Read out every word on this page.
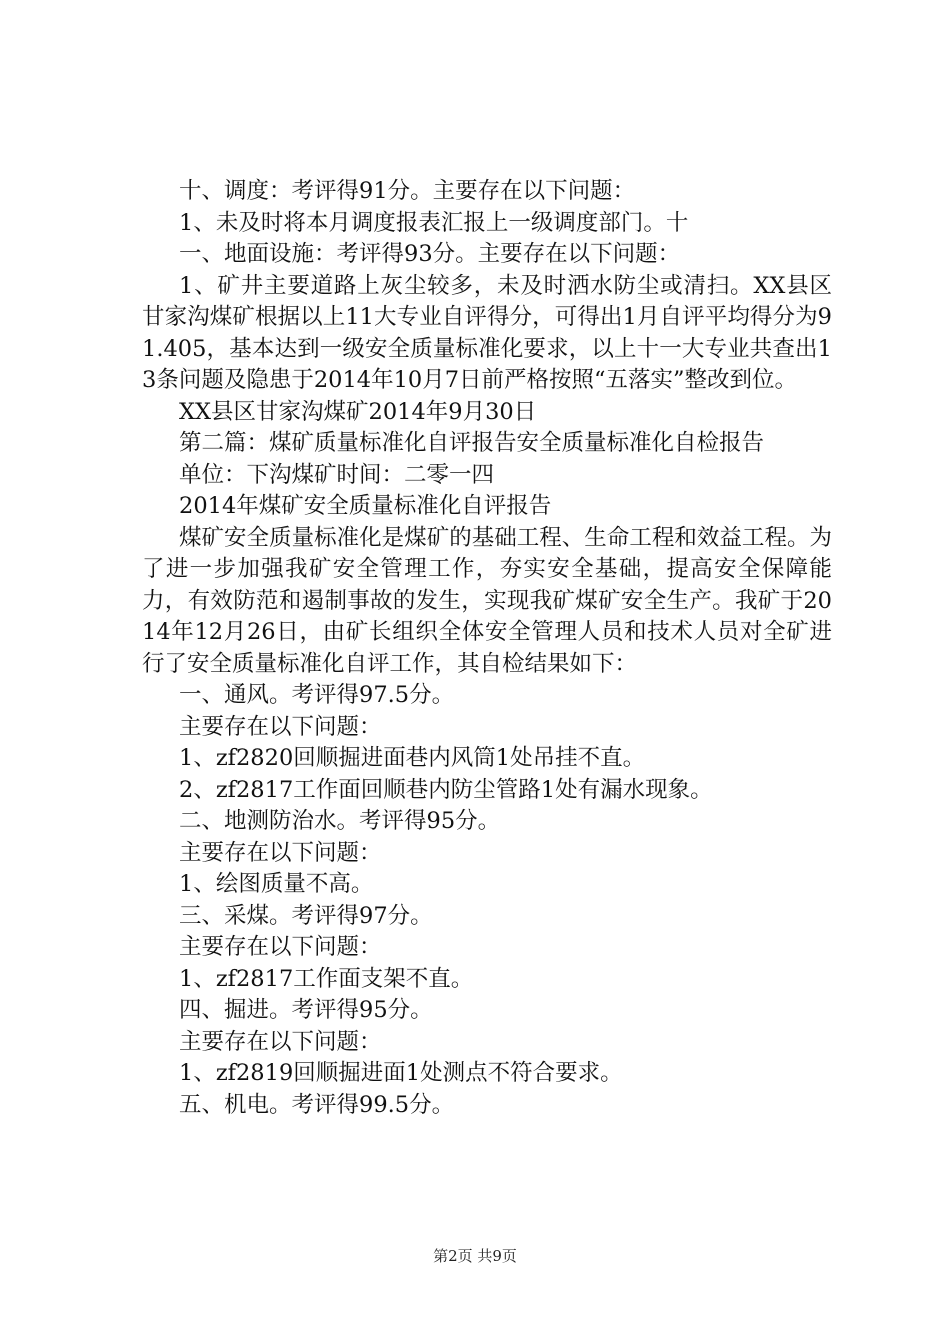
十、调度：考评得91分。主要存在以下问题：

1、未及时将本月调度报表汇报上一级调度部门。十

一、地面设施：考评得93分。主要存在以下问题：

1、矿井主要道路上灰尘较多，未及时洒水防尘或清扫。XX县区甘家沟煤矿根据以上11大专业自评得分，可得出1月自评平均得分为91.405，基本达到一级安全质量标准化要求，以上十一大专业共查出13条问题及隐患于2014年10月7日前严格按照“五落实”整改到位。

XX县区甘家沟煤矿2014年9月30日

第二篇：煤矿质量标准化自评报告安全质量标准化自检报告

单位：下沟煤矿时间：二零一四

2014年煤矿安全质量标准化自评报告

煤矿安全质量标准化是煤矿的基础工程、生命工程和效益工程。为了进一步加强我矿安全管理工作，夯实安全基础，提高安全保障能力，有效防范和遏制事故的发生，实现我矿煤矿安全生产。我矿于2014年12月26日，由矿长组织全体安全管理人员和技术人员对全矿进行了安全质量标准化自评工作，其自检结果如下：

一、通风。考评得97.5分。

主要存在以下问题：

1、zf2820回顺掘进面巷内风筒1处吊挂不直。

2、zf2817工作面回顺巷内防尘管路1处有漏水现象。

二、地测防治水。考评得95分。

主要存在以下问题：

1、绘图质量不高。

三、采煤。考评得97分。

主要存在以下问题：

1、zf2817工作面支架不直。

四、掘进。考评得95分。

主要存在以下问题：

1、zf2819回顺掘进面1处测点不符合要求。

五、机电。考评得99.5分。

第2页 共9页
